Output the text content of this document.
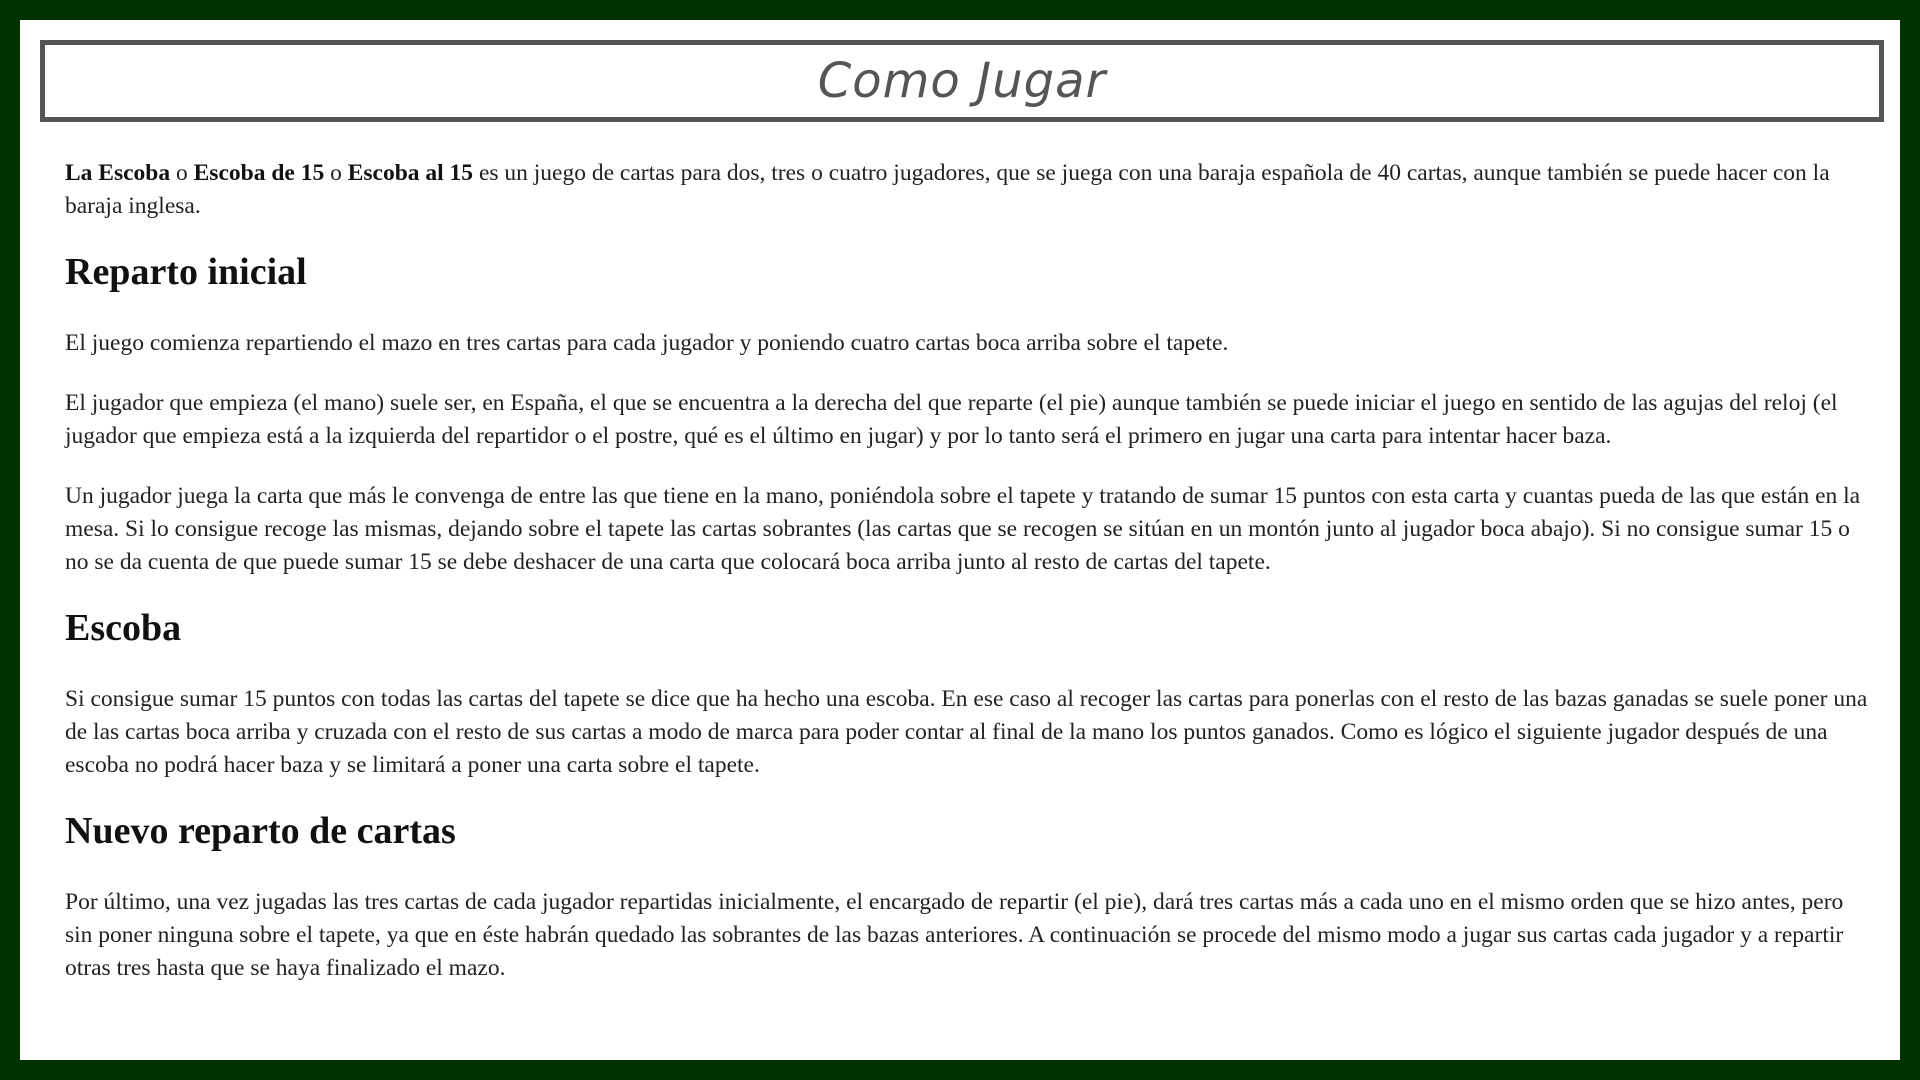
Como Jugar

La Escoba o Escoba de 15 o Escoba al 15 es un juego de cartas para dos, tres o cuatro jugadores, que se juega con una baraja española de 40 cartas, aunque también se puede hacer con la baraja inglesa.

Reparto inicial

El juego comienza repartiendo el mazo en tres cartas para cada jugador y poniendo cuatro cartas boca arriba sobre el tapete.

El jugador que empieza (el mano) suele ser, en España, el que se encuentra a la derecha del que reparte (el pie) aunque también se puede iniciar el juego en sentido de las agujas del reloj (el jugador que empieza está a la izquierda del repartidor o el postre, qué es el último en jugar) y por lo tanto será el primero en jugar una carta para intentar hacer baza.

Un jugador juega la carta que más le convenga de entre las que tiene en la mano, poniéndola sobre el tapete y tratando de sumar 15 puntos con esta carta y cuantas pueda de las que están en la mesa. Si lo consigue recoge las mismas, dejando sobre el tapete las cartas sobrantes (las cartas que se recogen se sitúan en un montón junto al jugador boca abajo). Si no consigue sumar 15 o no se da cuenta de que puede sumar 15 se debe deshacer de una carta que colocará boca arriba junto al resto de cartas del tapete.

Escoba

Si consigue sumar 15 puntos con todas las cartas del tapete se dice que ha hecho una escoba. En ese caso al recoger las cartas para ponerlas con el resto de las bazas ganadas se suele poner una de las cartas boca arriba y cruzada con el resto de sus cartas a modo de marca para poder contar al final de la mano los puntos ganados. Como es lógico el siguiente jugador después de una escoba no podrá hacer baza y se limitará a poner una carta sobre el tapete.

Nuevo reparto de cartas

Por último, una vez jugadas las tres cartas de cada jugador repartidas inicialmente, el encargado de repartir (el pie), dará tres cartas más a cada uno en el mismo orden que se hizo antes, pero sin poner ninguna sobre el tapete, ya que en éste habrán quedado las sobrantes de las bazas anteriores. A continuación se procede del mismo modo a jugar sus cartas cada jugador y a repartir otras tres hasta que se haya finalizado el mazo.
